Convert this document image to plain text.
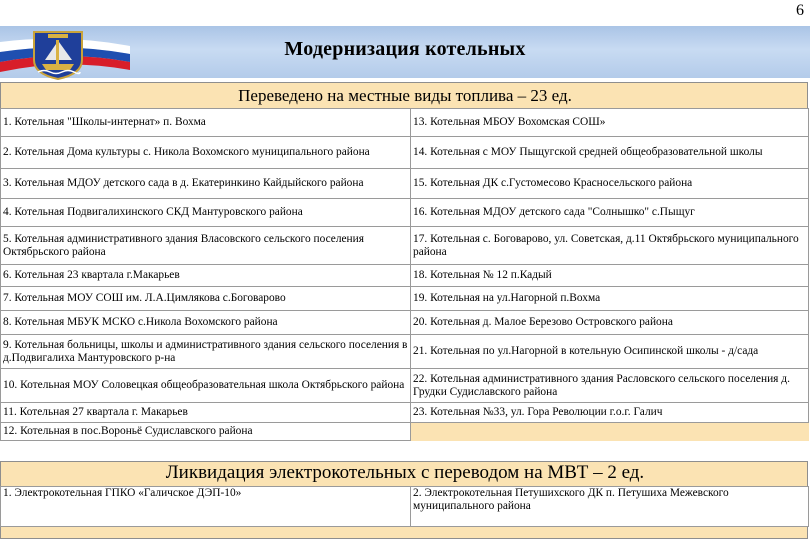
6
Модернизация котельных
Переведено на местные виды топлива – 23 ед.
1. Котельная "Школы-интернат» п. Вохма	13. Котельная МБОУ Вохомская СОШ»
2. Котельная Дома культуры с. Никола Вохомского муниципального района	14. Котельная с МОУ Пыщугской средней общеобразовательной школы
3. Котельная МДОУ детского сада в д. Екатеринкино Кайдыйского района	15. Котельная ДК с.Густомесово Красносельского района
4. Котельная Подвигалихинского СКД Мантуровского района	16. Котельная МДОУ детского сада "Солнышко" с.Пыщуг
5. Котельная административного здания Власовского сельского поселения Октябрьского района	17. Котельная с. Боговарово, ул. Советская, д.11 Октябрьского муниципального района
6. Котельная 23 квартала г.Макарьев	18. Котельная № 12 п.Кадый
7. Котельная МОУ СОШ им. Л.А.Цимлякова с.Боговарово	19. Котельная на ул.Нагорной п.Вохма
8. Котельная МБУК МСКО с.Никола Вохомского района	20. Котельная д. Малое Березово Островского района
9. Котельная больницы, школы и административного здания сельского поселения в д.Подвигалиха Мантуровского р-на	21. Котельная по ул.Нагорной в котельную Осипинской школы - д/сада
10. Котельная МОУ Соловецкая общеобразовательная школа Октябрьского района	22. Котельная административного здания Расловского сельского поселения д. Грудки Судиславского района
11. Котельная 27 квартала г. Макарьев	23. Котельная №33, ул. Гора Революции г.о.г. Галич
12. Котельная в пос.Вороньё Судиславского района	
Ликвидация электрокотельных с переводом на МВТ – 2 ед.
1. Электрокотельная ГПКО «Галичское ДЭП-10»	2. Электрокотельная Петушихского ДК п. Петушиха Межевского муниципального района
